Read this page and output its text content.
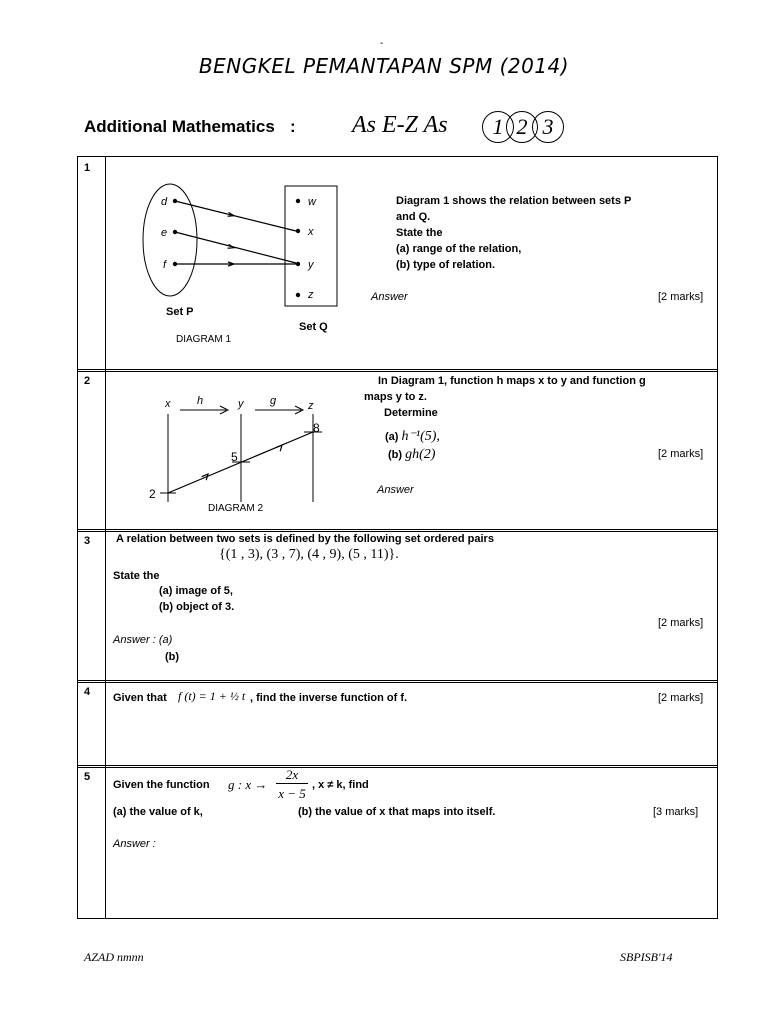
-
BENGKEL PEMANTAPAN SPM (2014)
Additional Mathematics : As E-Z As	1 2 3
1
d
e
f
w
x
y
z
Set P
Set Q
DIAGRAM 1
Diagram 1 shows the relation between sets P
and Q.
State the
(a) range of the relation,
(b) type of relation.
Answer	[2 marks]
2
x h	y g	z
2
5
8
DIAGRAM 2
In Diagram 1, function h maps x to y and function g
maps y to z.
Determine
(a) h⁻¹(5),
(b) gh(2)	[2 marks]
Answer
3 A relation between two sets is defined by the following set ordered pairs
{(1 , 3), (3 , 7), (4 , 9), (5 , 11)}.
State the
(a) image of 5,
(b) object of 3.
[2 marks]
Answer : (a)
(b)
4 Given that f (t) = 1 + ½ t , find the inverse function of f.	[2 marks]
5
Given the function g : x →
2x
x − 5
, x ≠ k, find
(a) the value of k,	(b) the value of x that maps into itself.	[3 marks]
Answer :
AZAD nmnn	SBPISB'14
